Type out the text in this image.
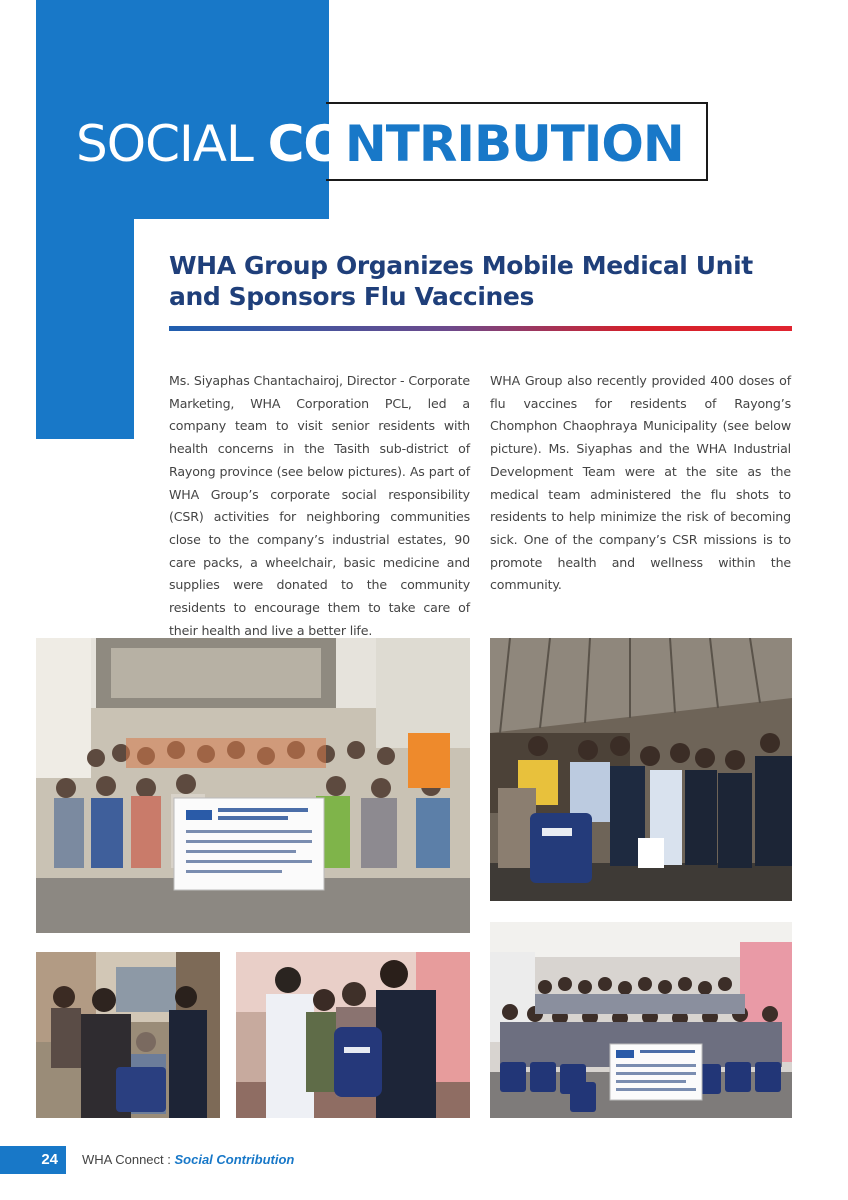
SOCIAL CONTRIBUTION
WHA Group Organizes Mobile Medical Unit
and Sponsors Flu Vaccines

Ms. Siyaphas Chantachairoj, Director - Corporate Marketing, WHA Corporation PCL, led a company team to visit senior residents with health concerns in the Tasith sub-district of Rayong province (see below pictures). As part of WHA Group’s corporate social responsibility (CSR) activities for neighboring communities close to the company’s industrial estates, 90 care packs, a wheelchair, basic medicine and supplies were donated to the community residents to encourage them to take care of their health and live a better life.

WHA Group also recently provided 400 doses of flu vaccines for residents of Rayong’s Chomphon Chaophraya Municipality (see below picture). Ms. Siyaphas and the WHA Industrial Development Team were at the site as the medical team administered the flu shots to residents to help minimize the risk of becoming sick. One of the company’s CSR missions is to promote health and wellness within the community.

24 WHA Connect : Social Contribution
